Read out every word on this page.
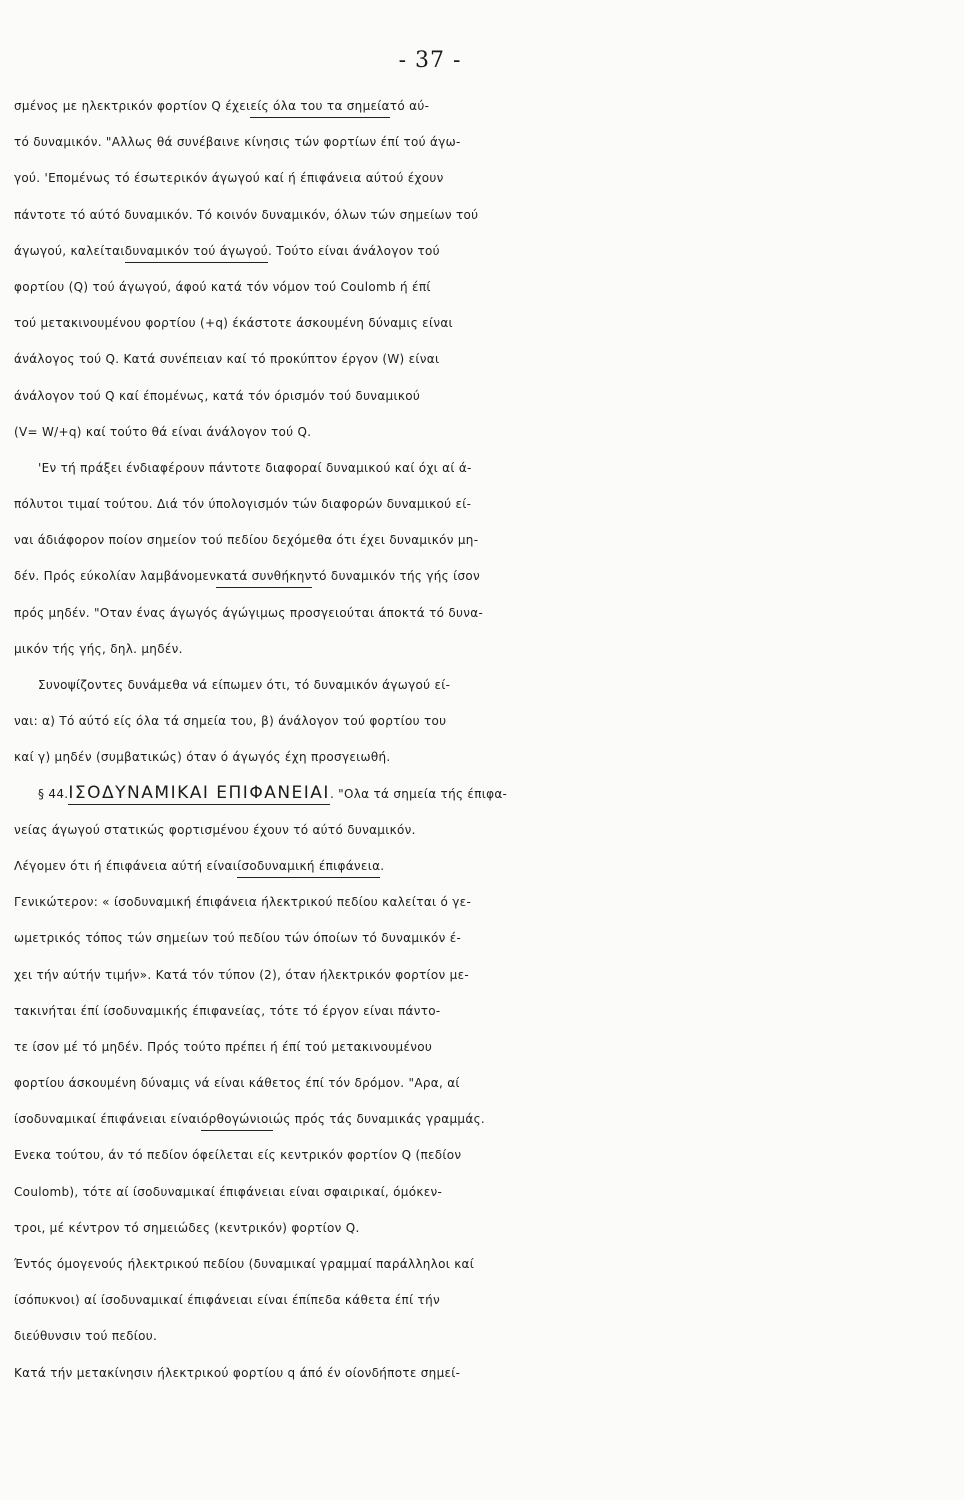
- 37 -
σμένος με ηλεκτρικόν φορτίον Q έχειείς όλα του τα σημείατό αύ-
τό δυναμικόν. "Αλλως θά συνέβαινε κίνησις τών φορτίων έπί τού άγω-
γού. 'Επομένως τό έσωτερικόν άγωγού καί ή έπιφάνεια αύτού έχουν
πάντοτε τό αύτό δυναμικόν. Τό κοινόν δυναμικόν, όλων τών σημείων τού
άγωγού, καλείταιδυναμικόν τού άγωγού. Τούτο είναι άνάλογον τού
φορτίου (Q) τού άγωγού, άφού κατά τόν νόμον τού Coulomb ή έπί
τού μετακινουμένου φορτίου (+q) έκάστοτε άσκουμένη δύναμις είναι
άνάλογος τού Q. Κατά συνέπειαν καί τό προκύπτον έργον (W) είναι
άνάλογον τού Q καί έπομένως, κατά τόν όρισμόν τού δυναμικού
(V= W/+q) καί τούτο θά είναι άνάλογον τού Q.
'Εν τή πράξει ένδιαφέρουν πάντοτε διαφοραί δυναμικού καί όχι αί ά-
πόλυτοι τιμαί τούτου. Διά τόν ύπολογισμόν τών διαφορών δυναμικού εί-
ναι άδιάφορον ποίον σημείον τού πεδίου δεχόμεθα ότι έχει δυναμικόν μη-
δέν. Πρός εύκολίαν λαμβάνομενκατά συνθήκηντό δυναμικόν τής γής ίσον
πρός μηδέν. "Οταν ένας άγωγός άγώγιμως προσγειούται άποκτά τό δυνα-
μικόν τής γής, δηλ. μηδέν.
Συνοψίζοντες δυνάμεθα νά είπωμεν ότι, τό δυναμικόν άγωγού εί-
ναι: α) Τό αύτό είς όλα τά σημεία του, β) άνάλογον τού φορτίου του
καί γ) μηδέν (συμβατικώς) όταν ό άγωγός έχη προσγειωθή.
§ 44.ΙΣΟΔΥΝΑΜΙΚΑΙ ΕΠΙΦΑΝΕΙΑΙ. "Ολα τά σημεία τής έπιφα-
νείας άγωγού στατικώς φορτισμένου έχουν τό αύτό δυναμικόν.
Λέγομεν ότι ή έπιφάνεια αύτή είναιίσοδυναμική έπιφάνεια.
Γενικώτερον: « ίσοδυναμική έπιφάνεια ήλεκτρικού πεδίου καλείται ό γε-
ωμετρικός τόπος τών σημείων τού πεδίου τών όποίων τό δυναμικόν έ-
χει τήν αύτήν τιμήν». Κατά τόν τύπον (2), όταν ήλεκτρικόν φορτίον με-
τακινήται έπί ίσοδυναμικής έπιφανείας, τότε τό έργον είναι πάντο-
τε ίσον μέ τό μηδέν. Πρός τούτο πρέπει ή έπί τού μετακινουμένου
φορτίου άσκουμένη δύναμις νά είναι κάθετος έπί τόν δρόμον. "Αρα, αί
ίσοδυναμικαί έπιφάνειαι είναιόρθογώνιοιώς πρός τάς δυναμικάς γραμμάς.
Ενεκα τούτου, άν τό πεδίον όφείλεται είς κεντρικόν φορτίον Q (πεδίον
Coulomb), τότε αί ίσοδυναμικαί έπιφάνειαι είναι σφαιρικαί, όμόκεν-
τροι, μέ κέντρον τό σημειώδες (κεντρικόν) φορτίον Q.
Έντός όμογενούς ήλεκτρικού πεδίου (δυναμικαί γραμμαί παράλληλοι καί
ίσόπυκνοι) αί ίσοδυναμικαί έπιφάνειαι είναι έπίπεδα κάθετα έπί τήν
διεύθυνσιν τού πεδίου.
Κατά τήν μετακίνησιν ήλεκτρικού φορτίου q άπό έν οίονδήποτε σημεί-
